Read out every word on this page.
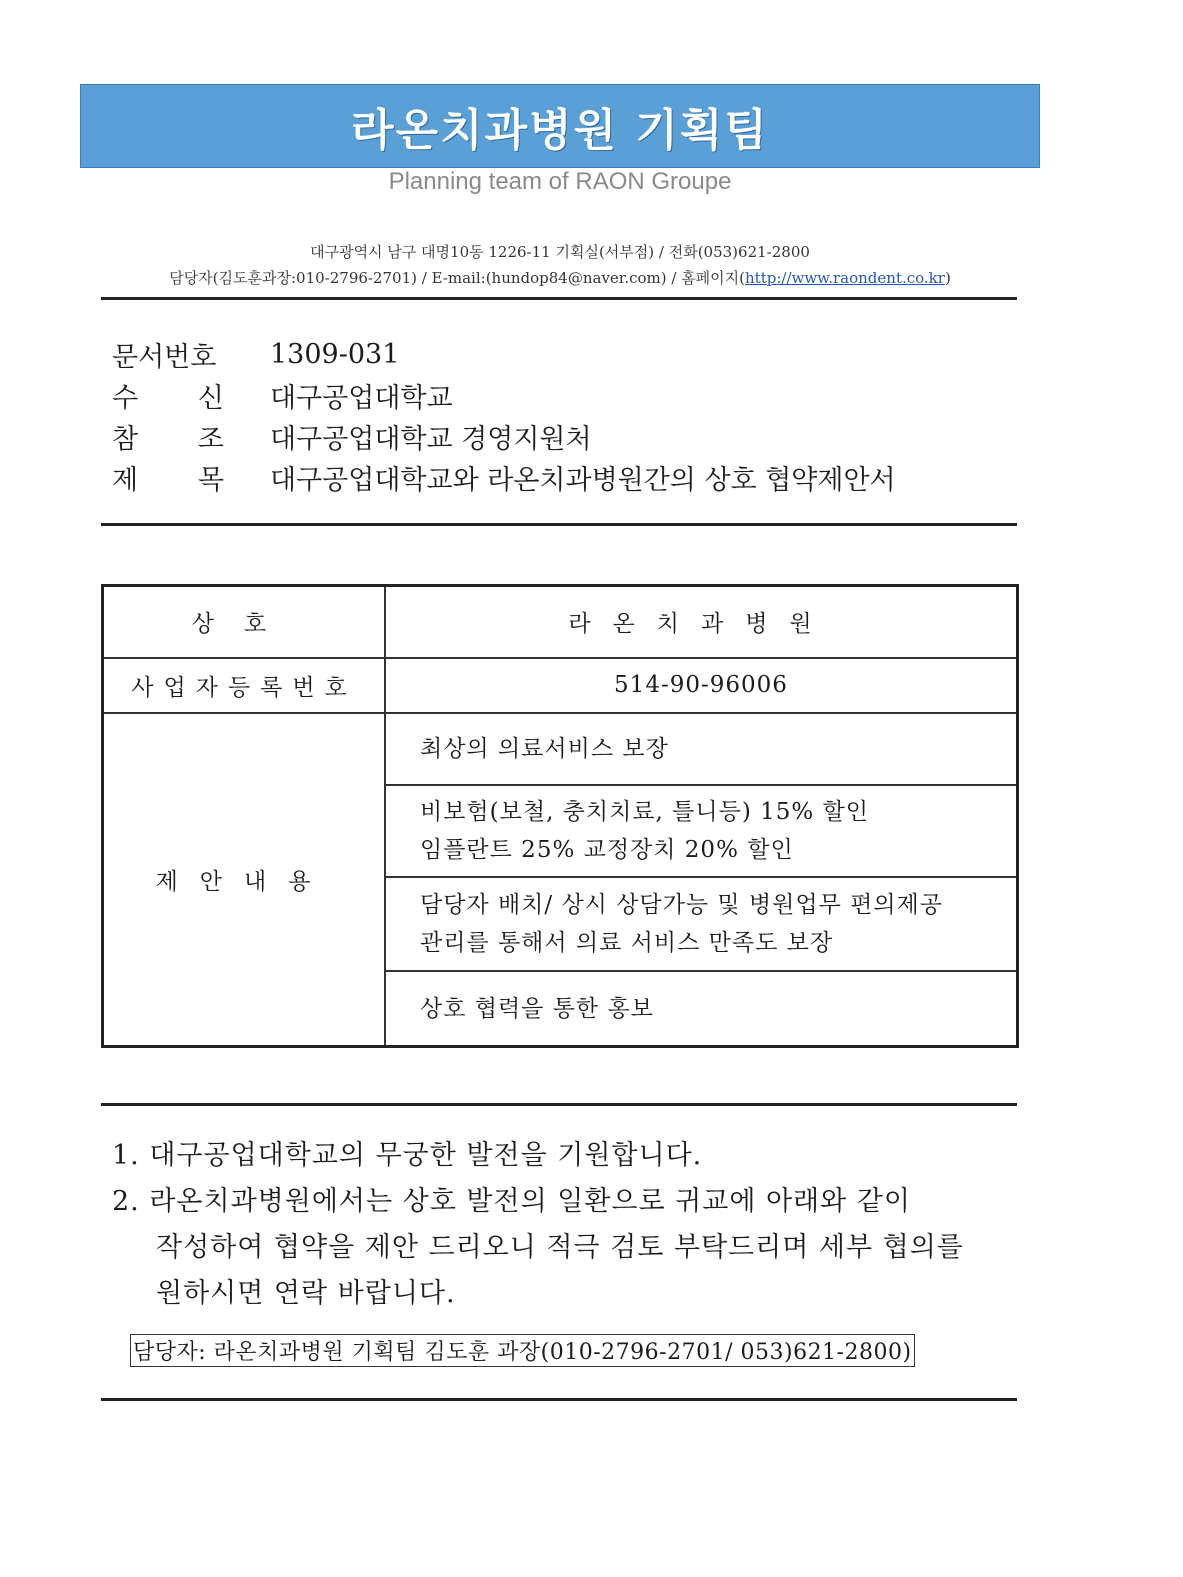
라온치과병원 기획팀
Planning team of RAON Groupe
대구광역시 남구 대명10동 1226-11 기획실(서부점) / 전화(053)621-2800
담당자(김도훈과장:010-2796-2701) / E-mail:(hundop84@naver.com) / 홈페이지(http://www.raondent.co.kr)
문서번호 1309-031
수 신 대구공업대학교
참 조 대구공업대학교 경영지원처
제 목 대구공업대학교와 라온치과병원간의 상호 협약제안서
상호	라온치과병원
사업자등록번호	514-90-96006
제안내용	최상의 의료서비스 보장

	비보험(보철, 충치치료, 틀니등) 15% 할인
임플란트 25% 교정장치 20% 할인

	담당자 배치/ 상시 상담가능 및 병원업무 편의제공
관리를 통해서 의료 서비스 만족도 보장

	상호 협력을 통한 홍보

1. 대구공업대학교의 무궁한 발전을 기원합니다.

2. 라온치과병원에서는 상호 발전의 일환으로 귀교에 아래와 같이

작성하여 협약을 제안 드리오니 적극 검토 부탁드리며 세부 협의를

원하시면 연락 바랍니다.

담당자: 라온치과병원 기획팀 김도훈 과장(010-2796-2701/ 053)621-2800)
